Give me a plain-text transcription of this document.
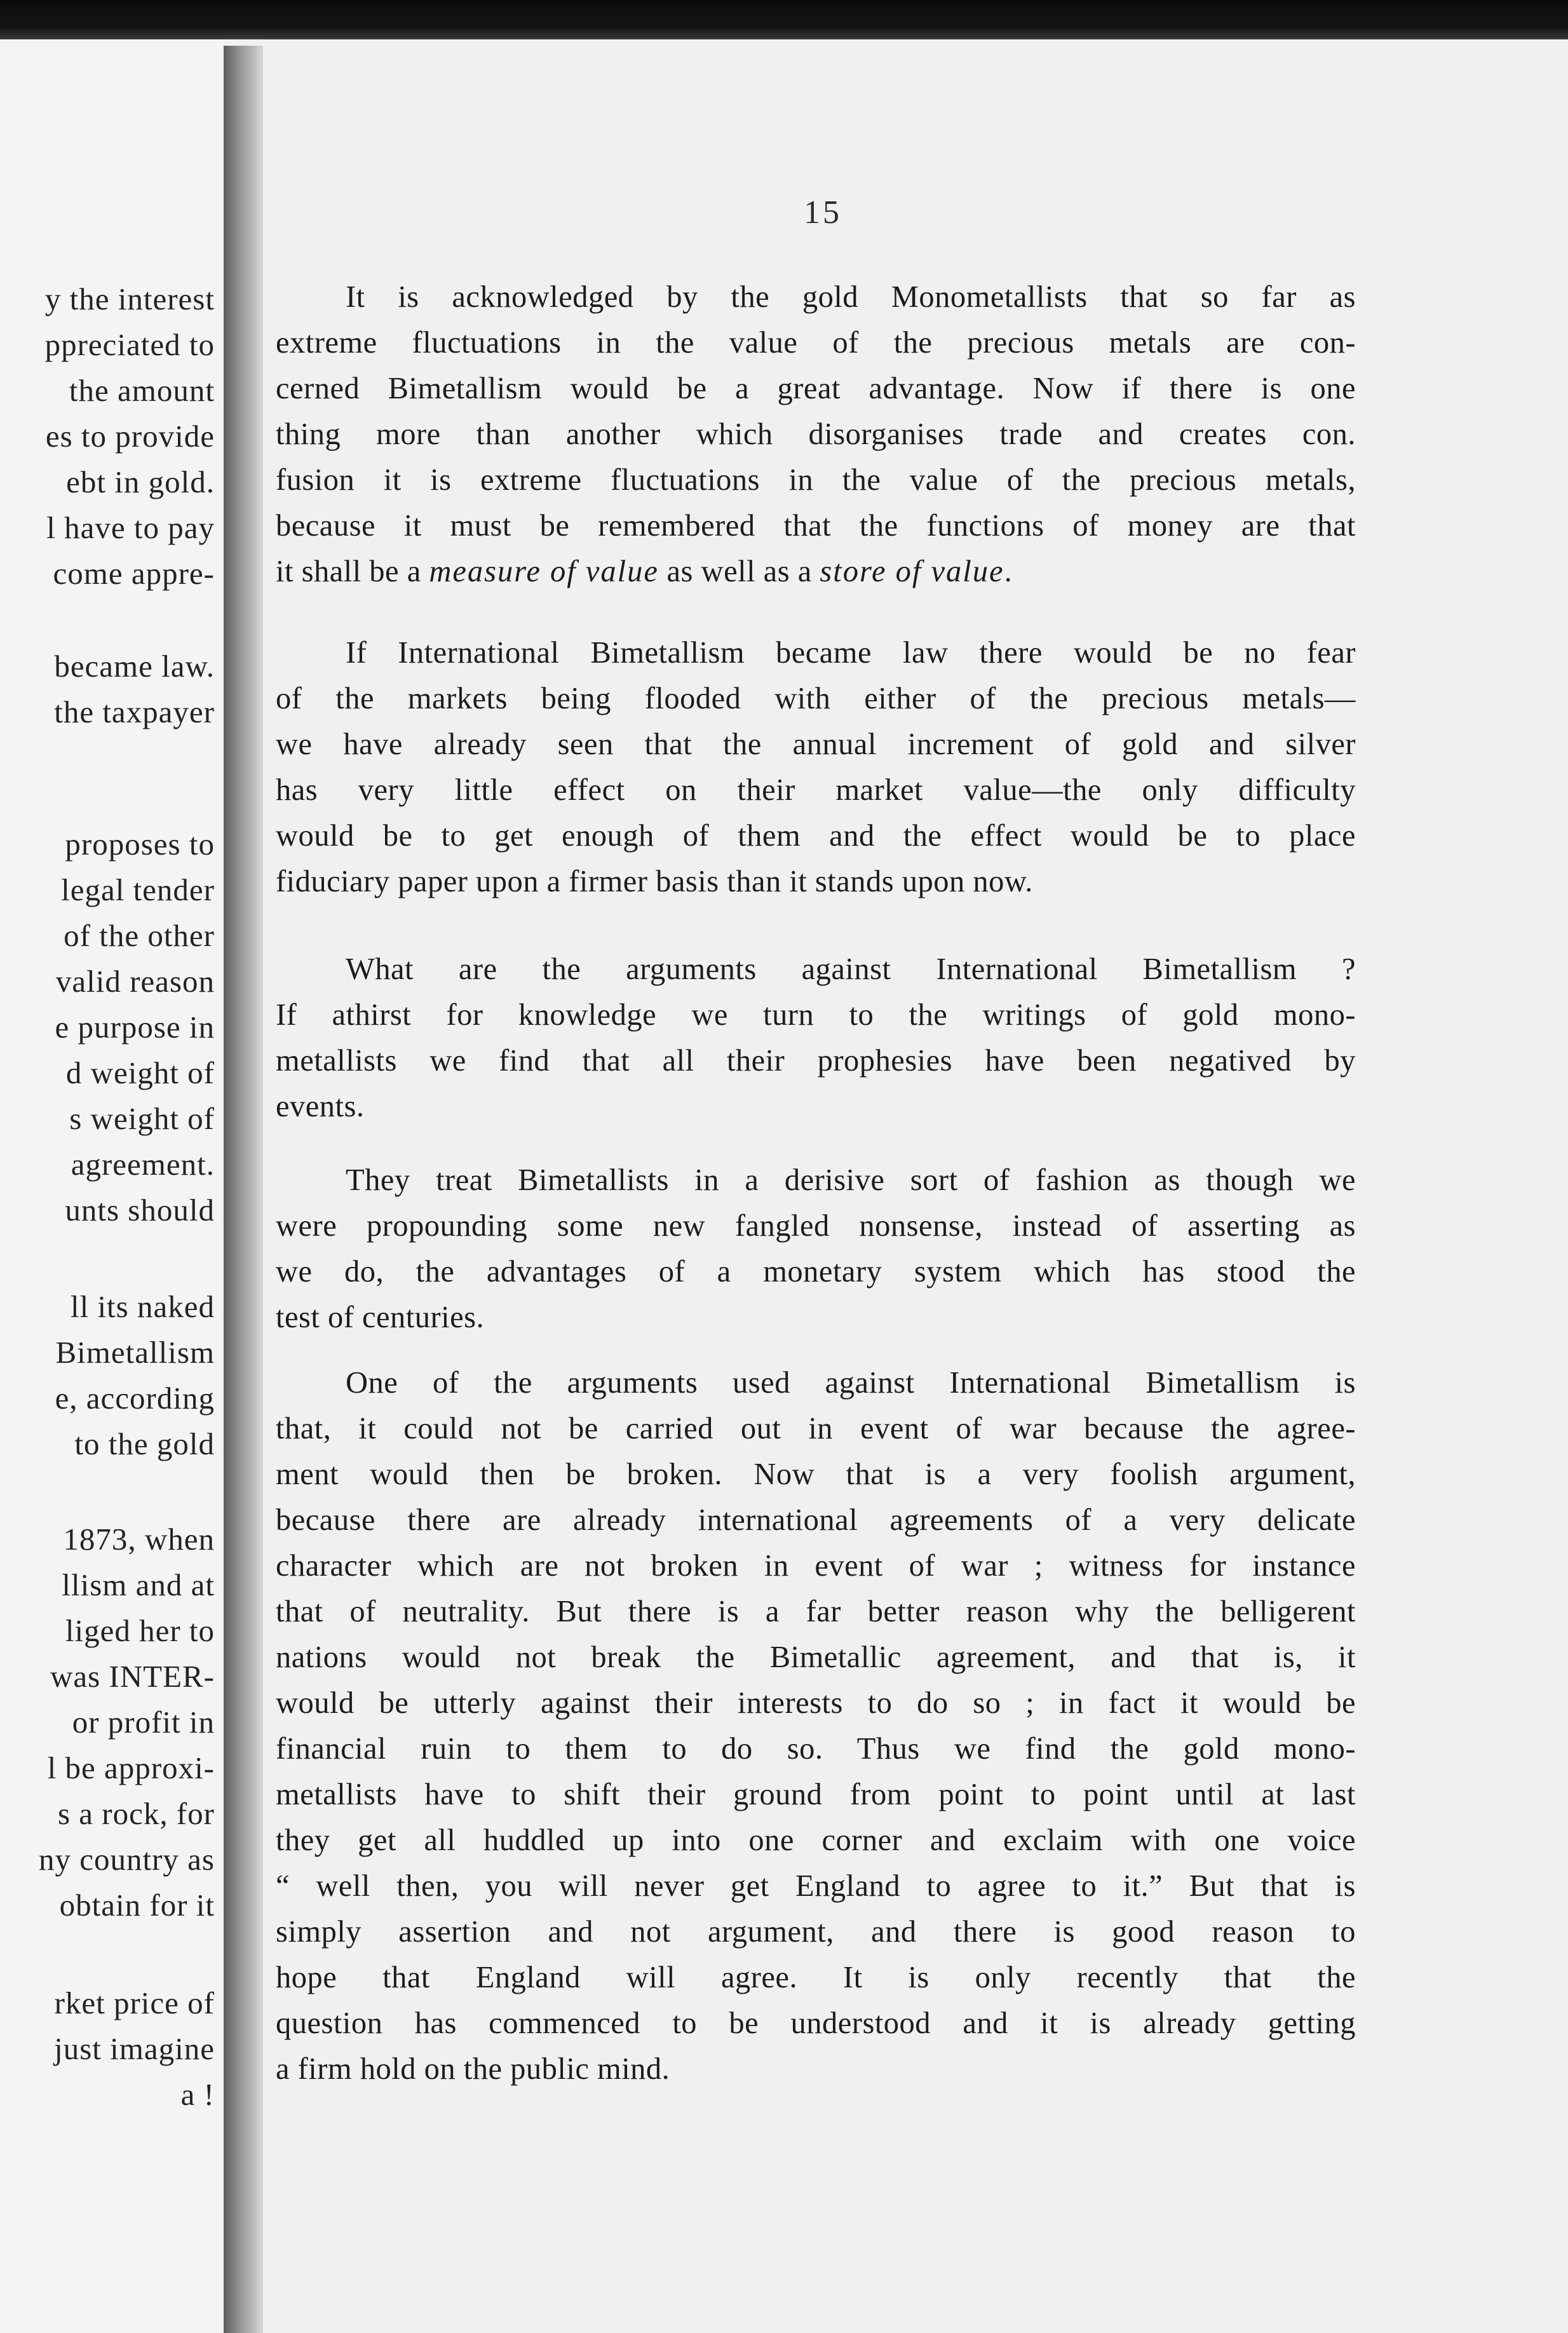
y the interest
ppreciated to
the amount
es to provide
ebt in gold.
l have to pay
come appre-
became law.
the taxpayer
proposes to
legal tender
of the other
valid reason
e purpose in
d weight of
s weight of
agreement.
unts should
ll its naked
Bimetallism
e, according
to the gold
1873, when
llism and at
liged her to
was INTER-
or profit in
l be approxi-
s a rock, for
ny country as
obtain for it
rket price of
just imagine
a !
15
It is acknowledged by the gold Monometallists that so far as
extreme fluctuations in the value of the precious metals are con-
cerned Bimetallism would be a great advantage. Now if there is one
thing more than another which disorganises trade and creates con.
fusion it is extreme fluctuations in the value of the precious metals,
because it must be remembered that the functions of money are that
it shall be a measure of value as well as a store of value.
If International Bimetallism became law there would be no fear
of the markets being flooded with either of the precious metals—
we have already seen that the annual increment of gold and silver
has very little effect on their market value—the only difficulty
would be to get enough of them and the effect would be to place
fiduciary paper upon a firmer basis than it stands upon now.
What are the arguments against International Bimetallism ?
If athirst for knowledge we turn to the writings of gold mono-
metallists we find that all their prophesies have been negatived by
events.
They treat Bimetallists in a derisive sort of fashion as though we
were propounding some new fangled nonsense, instead of asserting as
we do, the advantages of a monetary system which has stood the
test of centuries.
One of the arguments used against International Bimetallism is
that, it could not be carried out in event of war because the agree-
ment would then be broken. Now that is a very foolish argument,
because there are already international agreements of a very delicate
character which are not broken in event of war ; witness for instance
that of neutrality. But there is a far better reason why the belligerent
nations would not break the Bimetallic agreement, and that is, it
would be utterly against their interests to do so ; in fact it would be
financial ruin to them to do so. Thus we find the gold mono-
metallists have to shift their ground from point to point until at last
they get all huddled up into one corner and exclaim with one voice
“ well then, you will never get England to agree to it.” But that is
simply assertion and not argument, and there is good reason to
hope that England will agree. It is only recently that the
question has commenced to be understood and it is already getting
a firm hold on the public mind.
